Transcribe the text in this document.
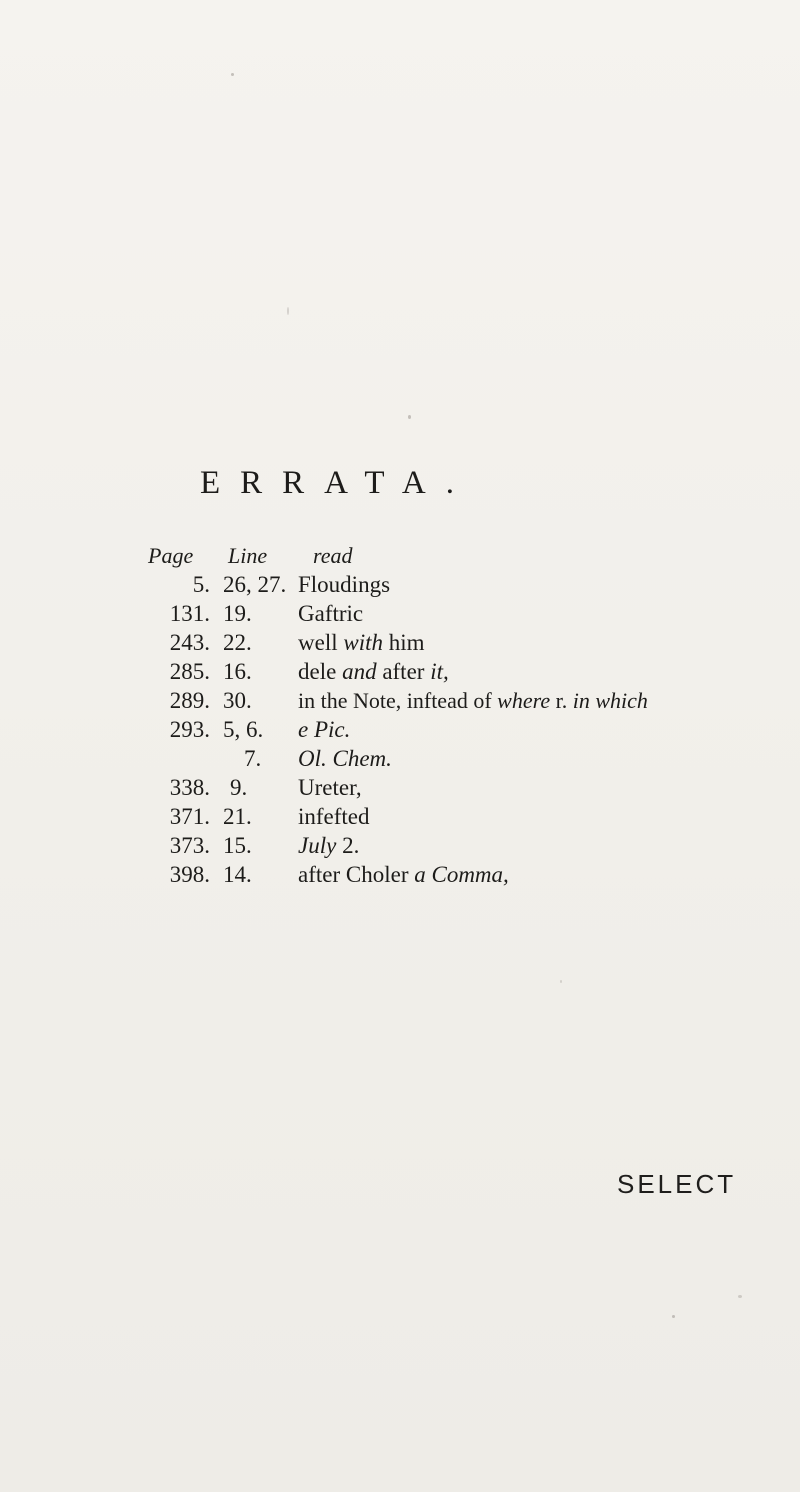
ERRATA.
Page Line read
5. 26, 27. Floudings
131. 19. Gaftric
243. 22. well with him
285. 16. dele and after it,
289. 30. in the Note, inftead of where r. in which
293. 5, 6. e Pic.
7. Ol. Chem.
338. 9. Ureter,
371. 21. infefted
373. 15. July 2.
398. 14. after Choler a Comma,
SELECT
